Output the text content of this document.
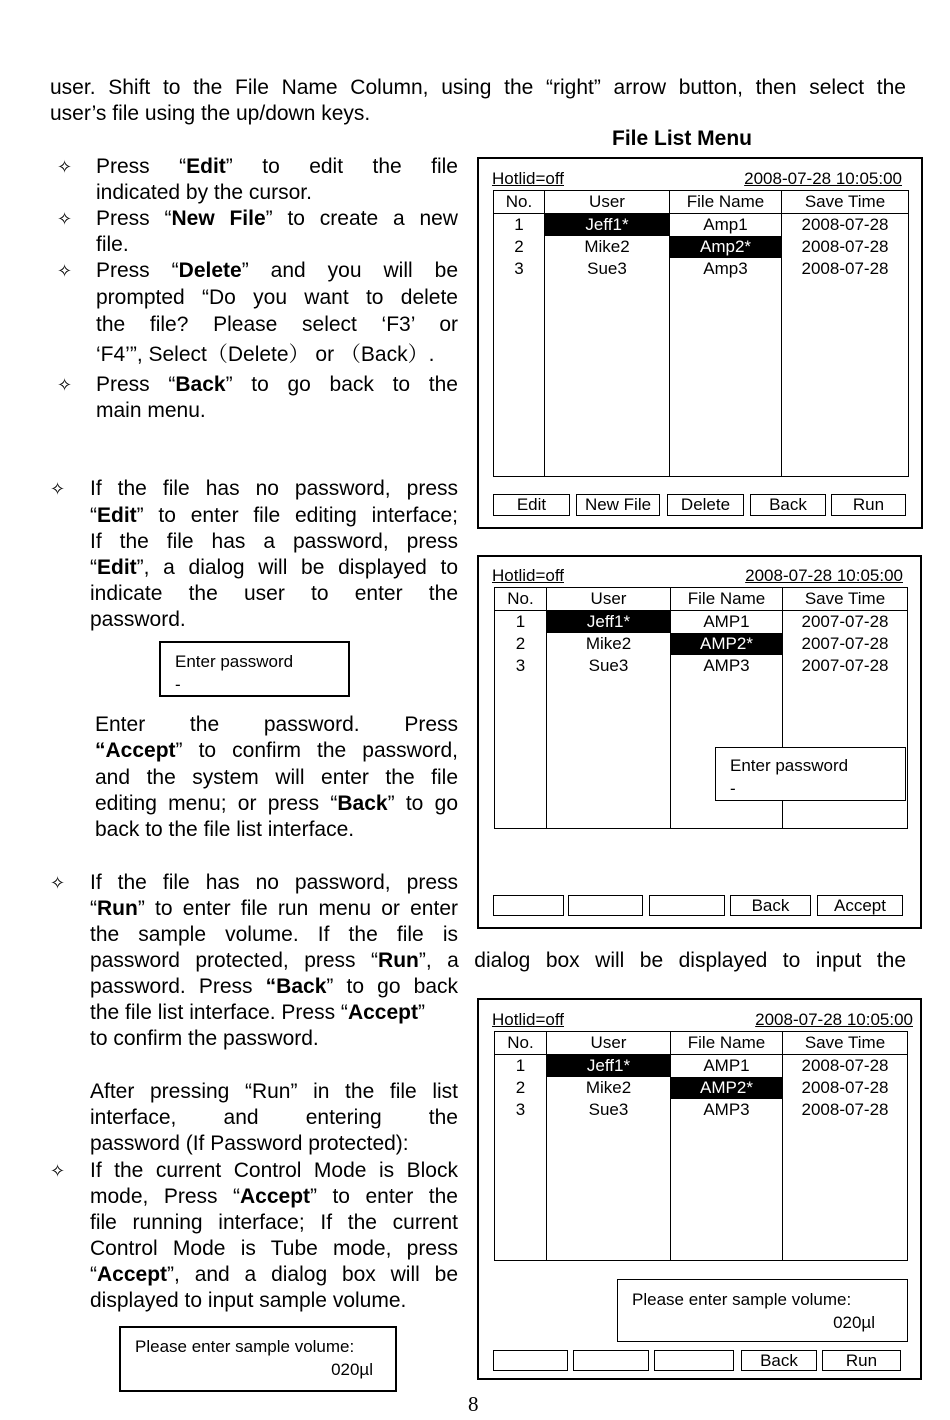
user. Shift to the File Name Column, using the “right” arrow button, then select the
user’s file using the up/down keys.
File List Menu
✧ Press “Edit” to edit the file
indicated by the cursor.
✧ Press “New File” to create a new
file.
✧ Press “Delete” and you will be
prompted “Do you want to delete
the file? Please select ‘F3’ or
‘F4’”, Select（Delete） or （Back）.
✧ Press “Back” to go back to the
main menu.
✧ If the file has no password, press
“Edit” to enter file editing interface;
If the file has a password, press
“Edit”, a dialog will be displayed to
indicate the user to enter the
password.
Enter password
-
Enter the password. Press
“Accept” to confirm the password,
and the system will enter the file
editing menu; or press “Back” to go
back to the file list interface.
✧ If the file has no password, press
“Run” to enter file run menu or enter
the sample volume. If the file is
password protected, press “Run”, a dialog box will be displayed to input the
password. Press “Back” to go back
the file list interface. Press “Accept”
to confirm the password.
After pressing “Run” in the file list
interface, and entering the
password (If Password protected):
✧ If the current Control Mode is Block
mode, Press “Accept” to enter the
file running interface; If the current
Control Mode is Tube mode, press
“Accept”, and a dialog box will be
displayed to input sample volume.
Please enter sample volume:
020µl
Hotlid=off	2008-07-28 10:05:00
No.	User	File Name	Save Time
1	Jeff1*	Amp1	2008-07-28
2	Mike2	Amp2*	2008-07-28
3	Sue3	Amp3	2008-07-28
Edit	New File	Delete	Back	Run
Hotlid=off	2008-07-28 10:05:00
No.	User	File Name	Save Time
1	Jeff1*	AMP1	2007-07-28
2	Mike2	AMP2*	2007-07-28
3	Sue3	AMP3	2007-07-28
Enter password
-
Back	Accept
Hotlid=off	2008-07-28 10:05:00
No.	User	File Name	Save Time
1	Jeff1*	AMP1	2008-07-28
2	Mike2	AMP2*	2008-07-28
3	Sue3	AMP3	2008-07-28
Please enter sample volume:
020µl
Back	Run
8
